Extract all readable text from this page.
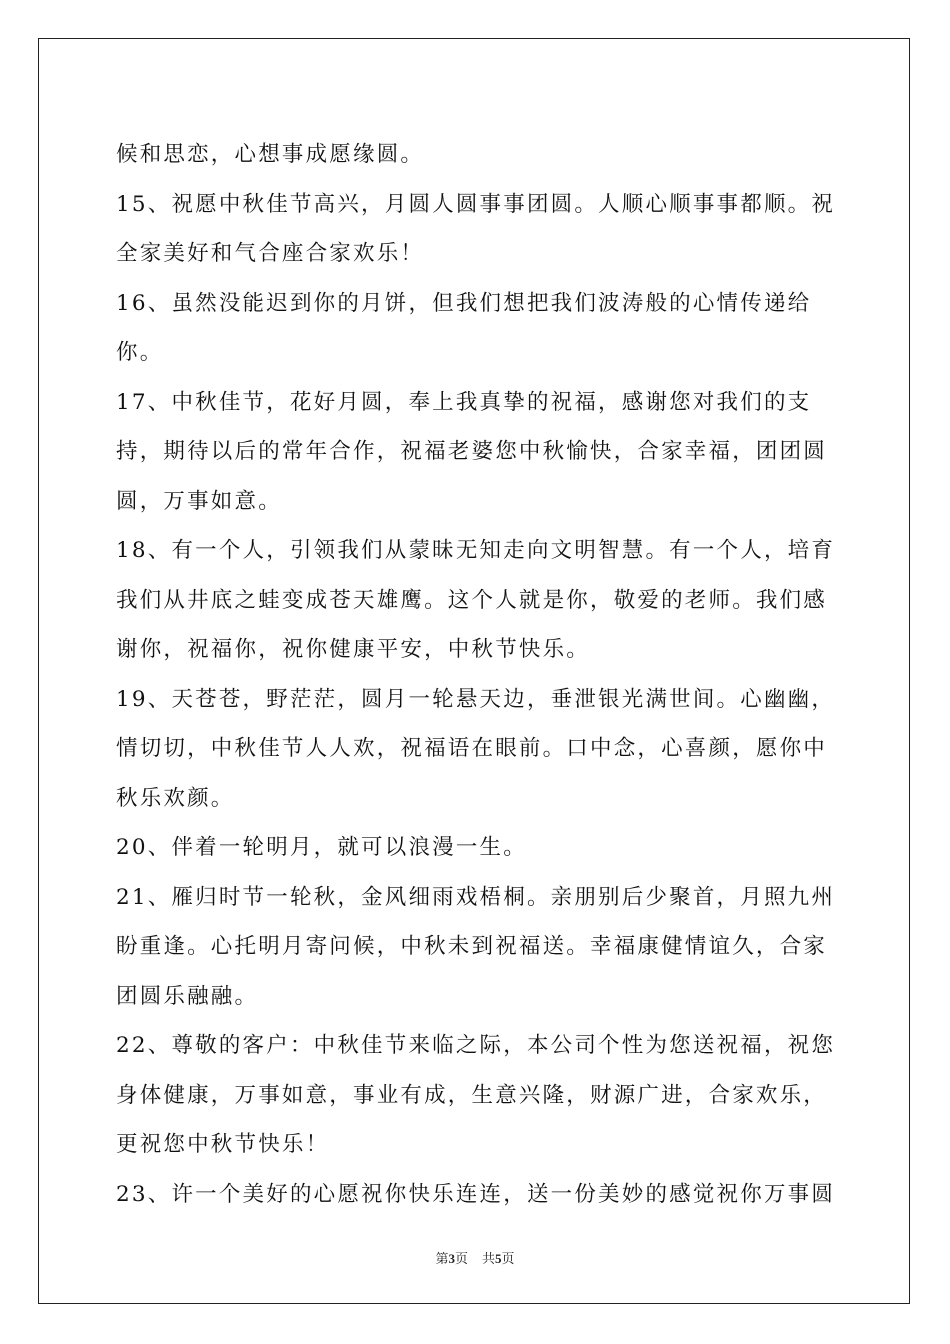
候和思恋，心想事成愿缘圆。

15、祝愿中秋佳节高兴，月圆人圆事事团圆。人顺心顺事事都顺。祝全家美好和气合座合家欢乐！

16、虽然没能迟到你的月饼，但我们想把我们波涛般的心情传递给你。

17、中秋佳节，花好月圆，奉上我真挚的祝福，感谢您对我们的支持，期待以后的常年合作，祝福老婆您中秋愉快，合家幸福，团团圆圆，万事如意。

18、有一个人，引领我们从蒙昧无知走向文明智慧。有一个人，培育我们从井底之蛙变成苍天雄鹰。这个人就是你，敬爱的老师。我们感谢你，祝福你，祝你健康平安，中秋节快乐。

19、天苍苍，野茫茫，圆月一轮悬天边，垂泄银光满世间。心幽幽，情切切，中秋佳节人人欢，祝福语在眼前。口中念，心喜颜，愿你中秋乐欢颜。

20、伴着一轮明月，就可以浪漫一生。

21、雁归时节一轮秋，金风细雨戏梧桐。亲朋别后少聚首，月照九州盼重逢。心托明月寄问候，中秋未到祝福送。幸福康健情谊久，合家团圆乐融融。

22、尊敬的客户：中秋佳节来临之际，本公司个性为您送祝福，祝您身体健康，万事如意，事业有成，生意兴隆，财源广进，合家欢乐，更祝您中秋节快乐！

23、许一个美好的心愿祝你快乐连连，送一份美妙的感觉祝你万事圆

第3页 共5页
